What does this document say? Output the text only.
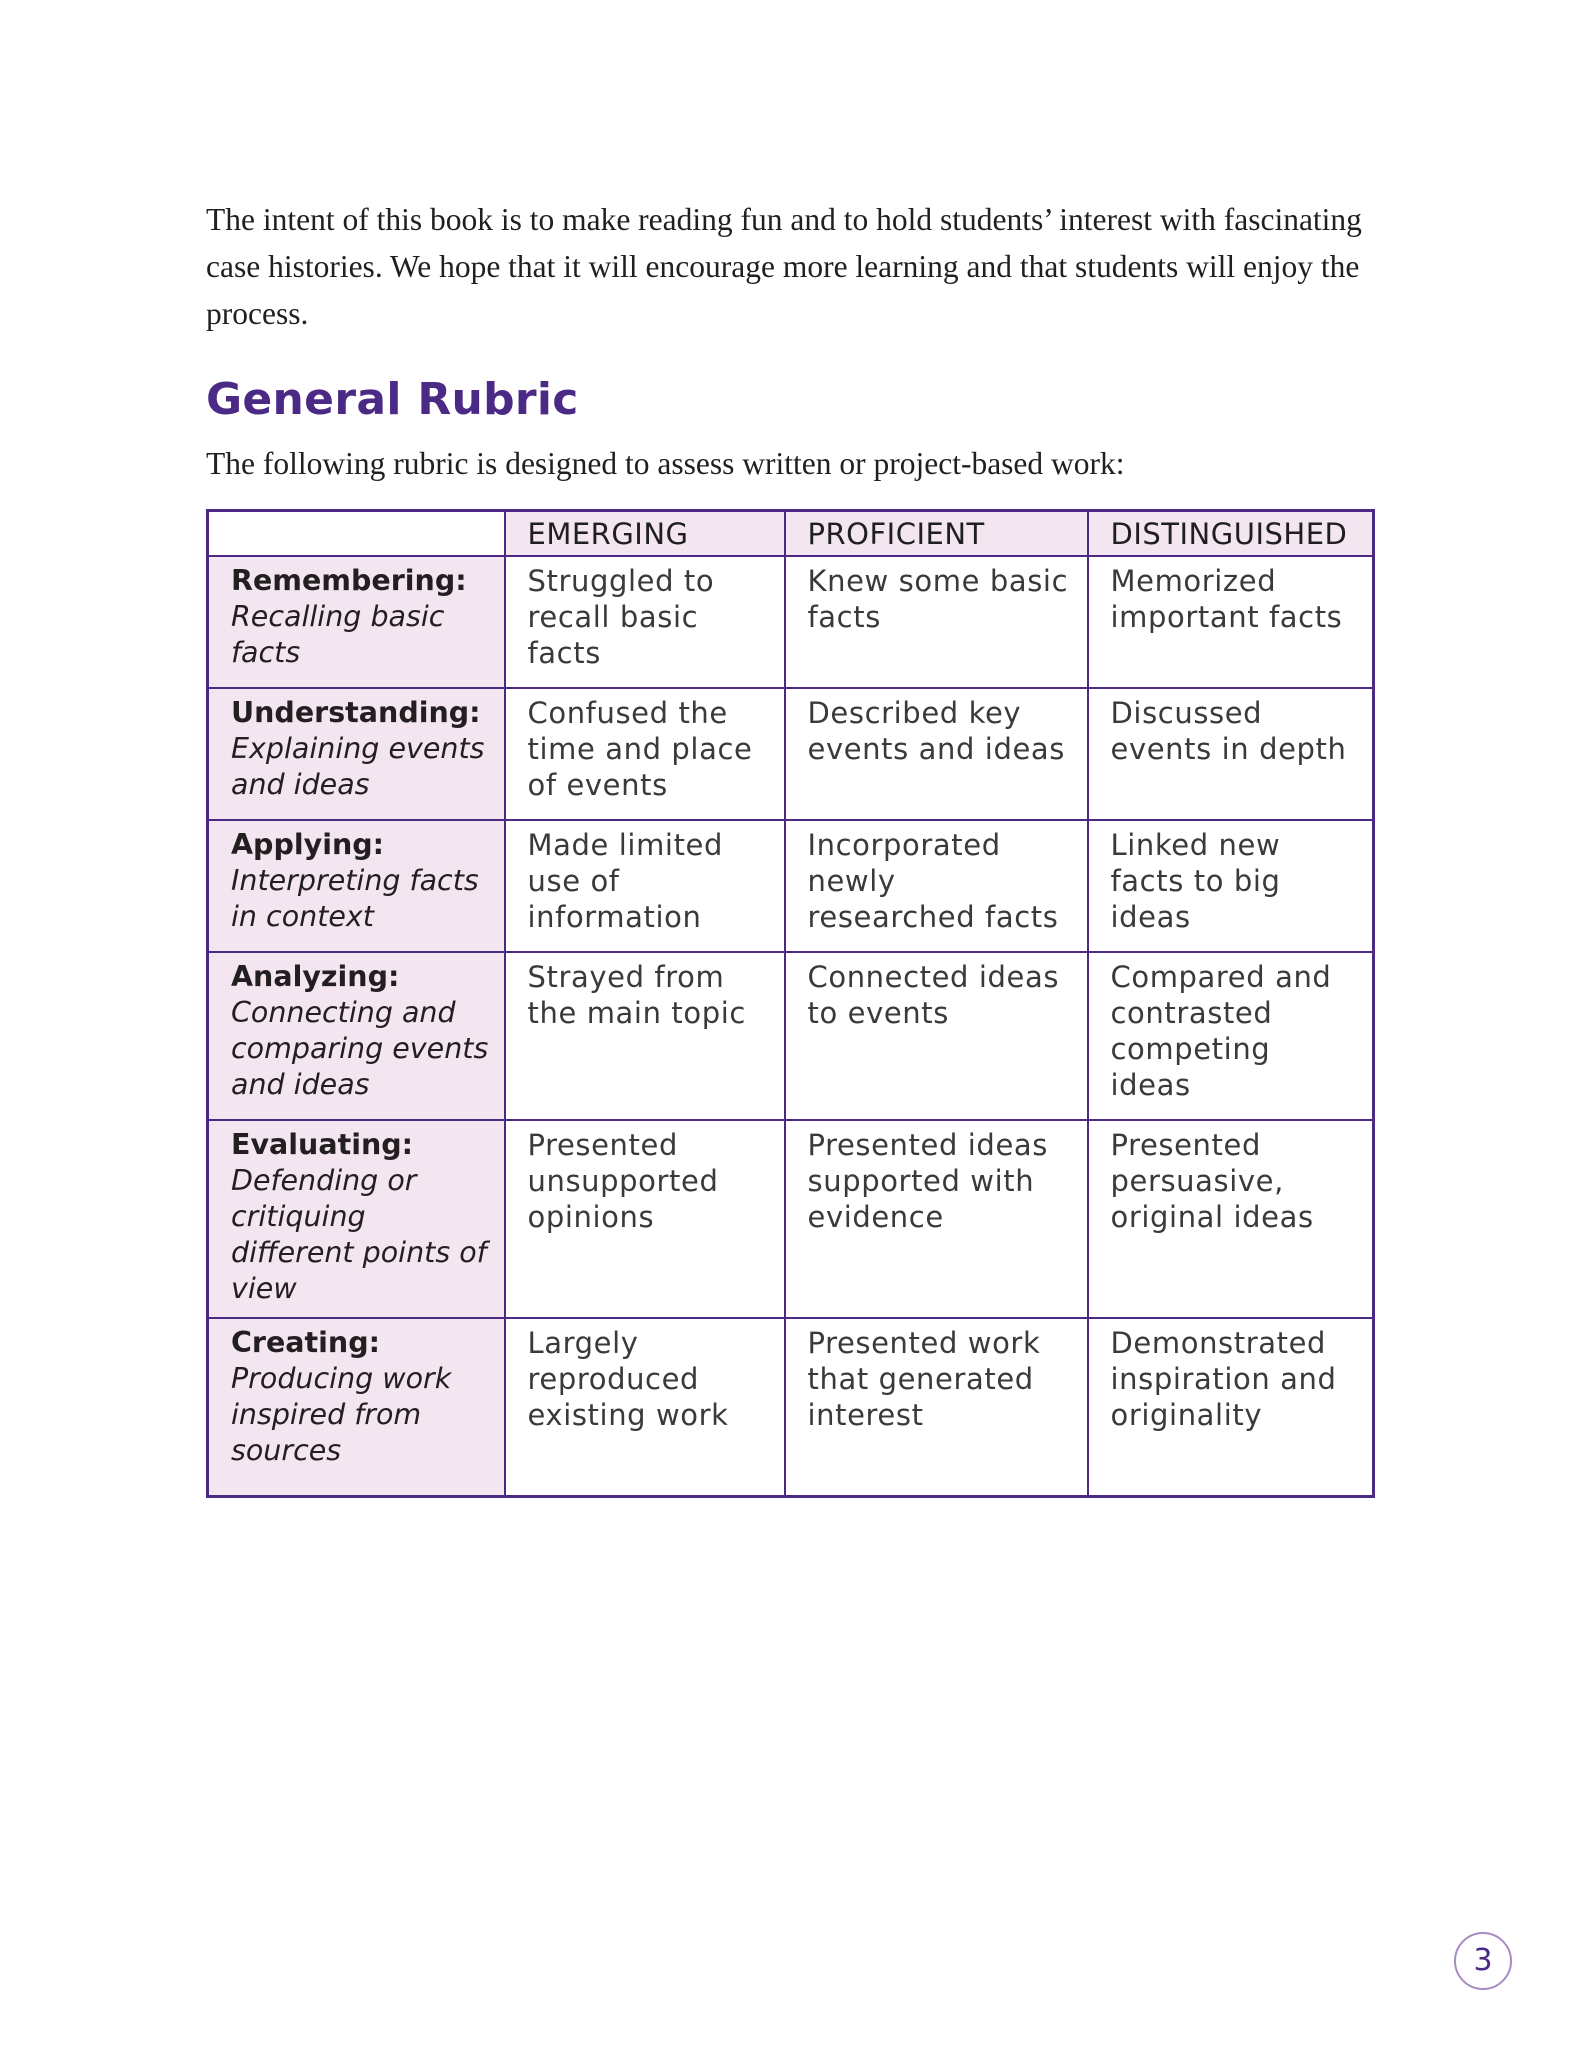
The intent of this book is to make reading fun and to hold students’ interest with fascinating case histories. We hope that it will encourage more learning and that students will enjoy the process.

General Rubric

The following rubric is designed to assess written or project-based work:

	EMERGING	PROFICIENT	DISTINGUISHED

Remembering:
Recalling basic facts	Struggled to recall basic facts	Knew some basic facts	Memorized important facts

Understanding:
Explaining events and ideas	Confused the time and place of events	Described key events and ideas	Discussed events in depth

Applying:
Interpreting facts in context	Made limited use of information	Incorporated newly researched facts	Linked new facts to big ideas

Analyzing:
Connecting and comparing events and ideas	Strayed from the main topic	Connected ideas to events	Compared and contrasted competing ideas

Evaluating:
Defending or critiquing different points of view	Presented unsupported opinions	Presented ideas supported with evidence	Presented persuasive, original ideas

Creating:
Producing work inspired from sources	Largely reproduced existing work	Presented work that generated interest	Demonstrated inspiration and originality
3
